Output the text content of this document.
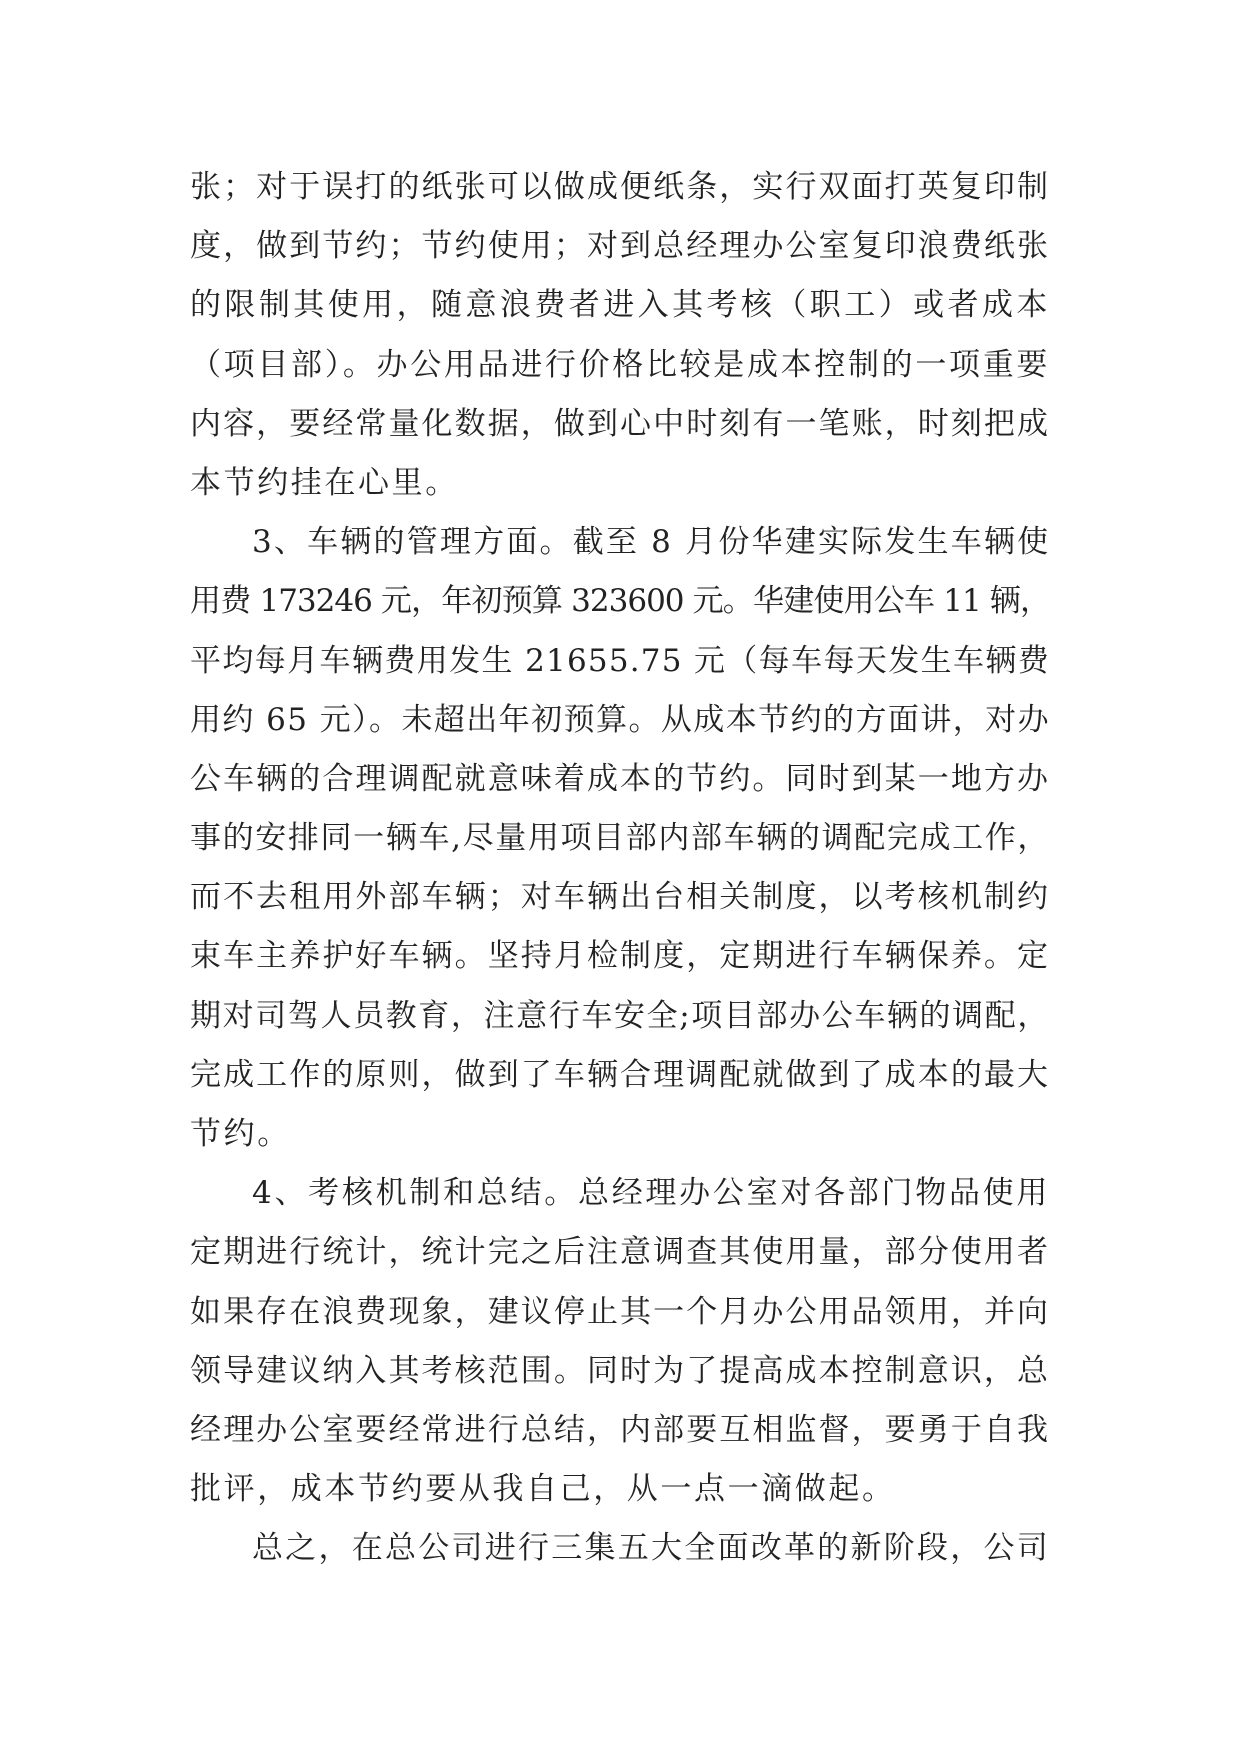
张；对于误打的纸张可以做成便纸条，实行双面打英复印制
度，做到节约；节约使用；对到总经理办公室复印浪费纸张
的限制其使用，随意浪费者进入其考核（职工）或者成本
（项目部）。办公用品进行价格比较是成本控制的一项重要
内容，要经常量化数据，做到心中时刻有一笔账，时刻把成
本节约挂在心里。
3、车辆的管理方面。截至 8 月份华建实际发生车辆使
用费 173246 元，年初预算 323600 元。华建使用公车 11 辆，
平均每月车辆费用发生 21655.75 元（每车每天发生车辆费
用约 65 元）。未超出年初预算。从成本节约的方面讲，对办
公车辆的合理调配就意味着成本的节约。同时到某一地方办
事的安排同一辆车,尽量用项目部内部车辆的调配完成工作，
而不去租用外部车辆；对车辆出台相关制度，以考核机制约
束车主养护好车辆。坚持月检制度，定期进行车辆保养。定
期对司驾人员教育，注意行车安全;项目部办公车辆的调配，
完成工作的原则，做到了车辆合理调配就做到了成本的最大
节约。
4、考核机制和总结。总经理办公室对各部门物品使用
定期进行统计，统计完之后注意调查其使用量，部分使用者
如果存在浪费现象，建议停止其一个月办公用品领用，并向
领导建议纳入其考核范围。同时为了提高成本控制意识，总
经理办公室要经常进行总结，内部要互相监督，要勇于自我
批评，成本节约要从我自己，从一点一滴做起。
总之，在总公司进行三集五大全面改革的新阶段，公司
